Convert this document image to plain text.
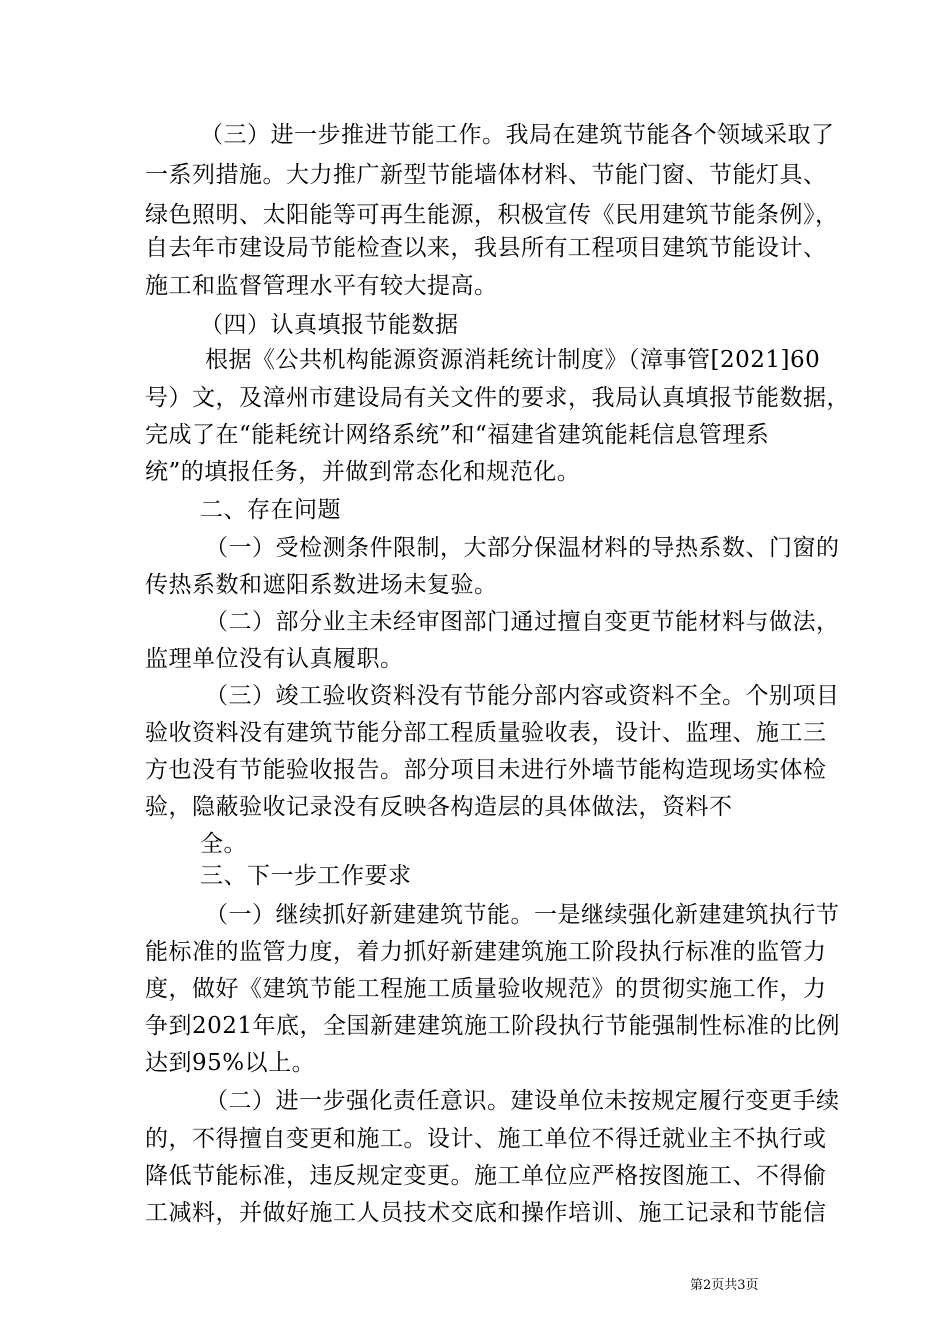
（三）进一步推进节能工作。我局在建筑节能各个领域采取了
一系列措施。大力推广新型节能墙体材料、节能门窗、节能灯具、
绿色照明、太阳能等可再生能源，积极宣传《民用建筑节能条例》，
自去年市建设局节能检查以来，我县所有工程项目建筑节能设计、
施工和监督管理水平有较大提高。
（四）认真填报节能数据
根据《公共机构能源资源消耗统计制度》（漳事管[2021]60
号）文，及漳州市建设局有关文件的要求，我局认真填报节能数据，
完成了在“能耗统计网络系统”和“福建省建筑能耗信息管理系
统”的填报任务，并做到常态化和规范化。
二、存在问题
（一）受检测条件限制，大部分保温材料的导热系数、门窗的
传热系数和遮阳系数进场未复验。
（二）部分业主未经审图部门通过擅自变更节能材料与做法，
监理单位没有认真履职。
（三）竣工验收资料没有节能分部内容或资料不全。个别项目
验收资料没有建筑节能分部工程质量验收表，设计、监理、施工三
方也没有节能验收报告。部分项目未进行外墙节能构造现场实体检
验，隐蔽验收记录没有反映各构造层的具体做法，资料不
全。
三、下一步工作要求
（一）继续抓好新建建筑节能。一是继续强化新建建筑执行节
能标准的监管力度，着力抓好新建建筑施工阶段执行标准的监管力
度，做好《建筑节能工程施工质量验收规范》的贯彻实施工作，力
争到2021年底，全国新建建筑施工阶段执行节能强制性标准的比例
达到95%以上。
（二）进一步强化责任意识。建设单位未按规定履行变更手续
的，不得擅自变更和施工。设计、施工单位不得迁就业主不执行或
降低节能标准，违反规定变更。施工单位应严格按图施工、不得偷
工减料，并做好施工人员技术交底和操作培训、施工记录和节能信
第2页共3页
